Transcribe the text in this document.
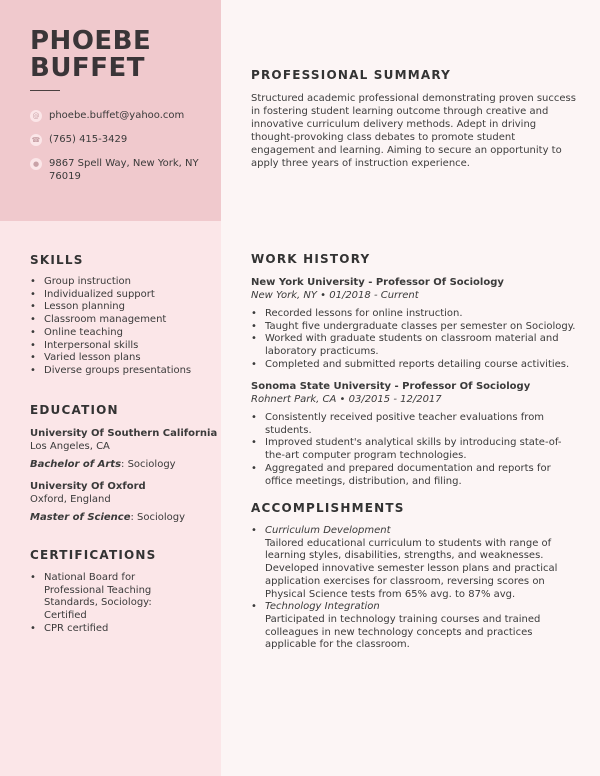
PHOEBE
BUFFET
@ phoebe.buffet@yahoo.com
☎ (765) 415-3429
● 9867 Spell Way, New York, NY
76019
PROFESSIONAL SUMMARY
Structured academic professional demonstrating proven success in fostering student learning outcome through creative and innovative curriculum delivery methods. Adept in driving thought-provoking class debates to promote student engagement and learning. Aiming to secure an opportunity to apply three years of instruction experience.
SKILLS
• Group instruction
• Individualized support
• Lesson planning
• Classroom management
• Online teaching
• Interpersonal skills
• Varied lesson plans
• Diverse groups presentations
EDUCATION
University Of Southern California
Los Angeles, CA
Bachelor of Arts: Sociology
University Of Oxford
Oxford, England
Master of Science: Sociology
CERTIFICATIONS
• National Board for Professional Teaching Standards, Sociology: Certified
• CPR certified
WORK HISTORY
New York University - Professor Of Sociology
New York, NY • 01/2018 - Current
• Recorded lessons for online instruction.
• Taught five undergraduate classes per semester on Sociology.
• Worked with graduate students on classroom material and laboratory practicums.
• Completed and submitted reports detailing course activities.
Sonoma State University - Professor Of Sociology
Rohnert Park, CA • 03/2015 - 12/2017
• Consistently received positive teacher evaluations from students.
• Improved student's analytical skills by introducing state-of-the-art computer program technologies.
• Aggregated and prepared documentation and reports for office meetings, distribution, and filing.
ACCOMPLISHMENTS
• Curriculum Development
Tailored educational curriculum to students with range of learning styles, disabilities, strengths, and weaknesses.
Developed innovative semester lesson plans and practical application exercises for classroom, reversing scores on Physical Science tests from 65% avg. to 87% avg.
• Technology Integration
Participated in technology training courses and trained colleagues in new technology concepts and practices applicable for the classroom.
